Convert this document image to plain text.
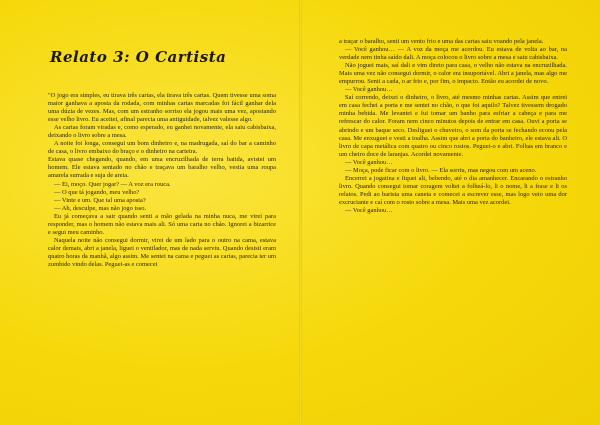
Relato 3: O Cartista

"O jogo era simples, eu tirava três cartas, ela tirava três cartas. Quem tivesse uma soma maior ganhava a aposta da rodada, com minhas cartas marcadas foi fácil ganhar dela uma dúzia de vezes. Mas, com um estranho sorriso ela jogou mais uma vez, apostando esse velho livro. Eu aceitei, afinal parecia uma antiguidade, talvez valesse algo.

As cartas foram viradas e, como esperado, eu ganhei novamente, ela saiu cabisbaixa, deixando o livro sobre a mesa.

A noite foi longa, consegui um bom dinheiro e, na madrugada, saí do bar a caminho de casa, o livro embaixo do braço e o dinheiro na carteira.

Estava quase chegando, quando, em uma encruzilhada de terra batida, avistei um homem. Ele estava sentado no chão e traçava um baralho velho, vestia uma roupa amarela surrada e suja de areia.

— Ei, moço. Quer jogar? — A voz era rouca.

— O que tá jogando, meu velho?

— Vinte e um. Que tal uma aposta?

— Ah, desculpe, mas não jogo isso.

Eu já começava a sair quando senti a mão gelada na minha nuca, me virei para responder, mas o homem não estava mais ali. Só uma carta no chão. Ignorei a bizarrice e segui meu caminho.

Naquela noite não consegui dormir, virei de um lado para o outro na cama, estava calor demais, abri a janela, liguei o ventilador, mas de nada serviu. Quando desisti eram quatro horas da manhã, algo assim. Me sentei na cama e peguei as cartas, parecia ter um zumbido vindo delas. Peguei-as e comecei

a traçar o baralho, senti um vento frio e uma das cartas saiu voando pela janela.

— Você ganhou… — A voz da moça me acordou. Eu estava de volta ao bar, na verdade nem tinha saído dali. A moça colocou o livro sobre a mesa e saiu cabisbaixa.

Não joguei mais, saí dali e vim direto para casa, o velho não estava na encruzilhada. Mais uma vez não consegui dormir, o calor era insuportável. Abri a janela, mas algo me empurrou. Senti a cada, o ar frio e, por fim, o impacto. Então eu acordei de novo.

— Você ganhou…

Saí correndo, deixei o dinheiro, o livro, até mesmo minhas cartas. Assim que entrei em casa fechei a porta e me sentei no chão, o que foi aquilo? Talvez tivessem drogado minha bebida. Me levantei e fui tomar um banho para esfriar a cabeça e para me refrescar do calor. Foram nem cinco minutos depois de entrar em casa. Ouvi a porta se abrindo e um baque seco. Desliguei o chuveiro, o som da porta se fechando ecoou pela casa. Me enxuguei e vesti a toalha. Assim que abri a porta do banheiro, ele estava ali. O livro de capa metálica com quatro ou cinco rostos. Peguei-o e abri. Folhas em branco e um cheiro doce de laranjas. Acordei novamente.

— Você ganhou…

— Moça, pode ficar com o livro. — Ela sorriu, mas negou com um aceno.

Encerrei a jogatina e fiquei ali, bebendo, até o dia amanhecer. Encarando o estranho livro. Quando consegui tomar coragem voltei a folheá-lo, li o nome, li a frase e li os relatos. Pedi ao barista uma caneta e comecei a escrever esse, mas logo veio uma dor excruciante e caí com o rosto sobre a mesa. Mais uma vez acordei.

— Você ganhou…
